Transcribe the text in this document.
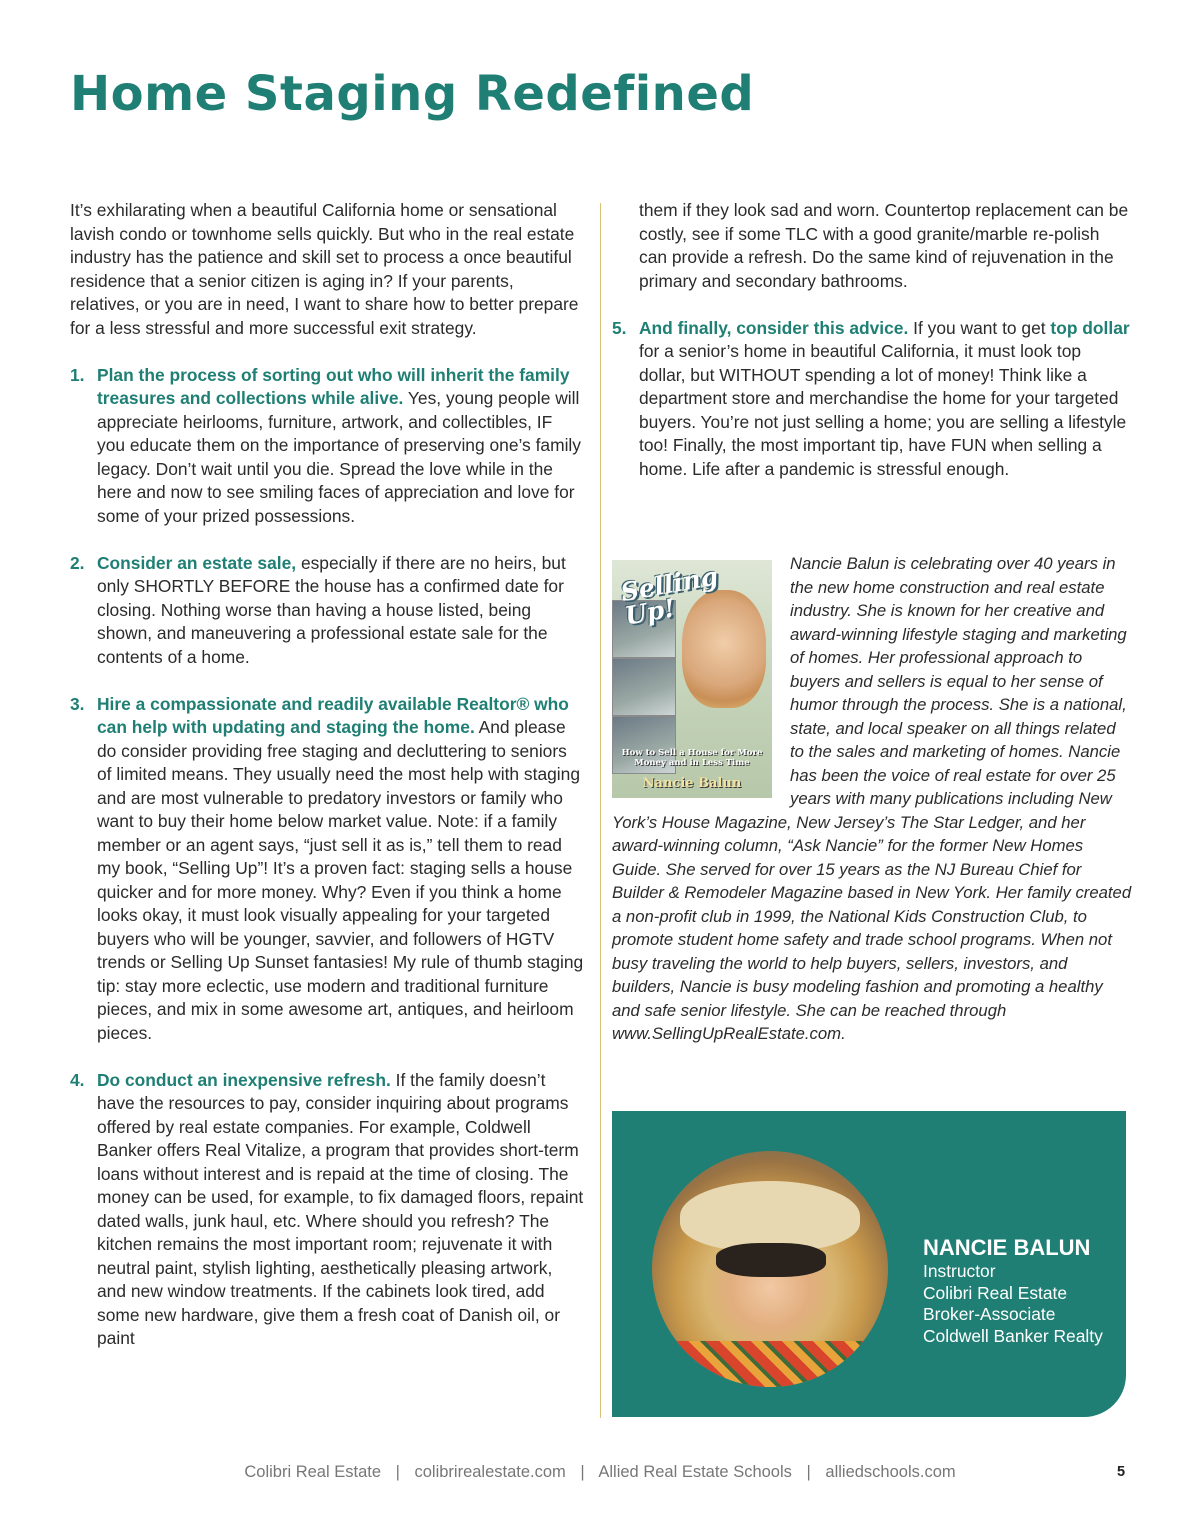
Home Staging Redefined

It’s exhilarating when a beautiful California home or sensational lavish condo or townhome sells quickly. But who in the real estate industry has the patience and skill set to process a once beautiful residence that a senior citizen is aging in? If your parents, relatives, or you are in need, I want to share how to better prepare for a less stressful and more successful exit strategy.

1. Plan the process of sorting out who will inherit the family treasures and collections while alive. Yes, young people will appreciate heirlooms, furniture, artwork, and collectibles, IF you educate them on the importance of preserving one’s family legacy. Don’t wait until you die. Spread the love while in the here and now to see smiling faces of appreciation and love for some of your prized possessions.
2. Consider an estate sale, especially if there are no heirs, but only SHORTLY BEFORE the house has a confirmed date for closing. Nothing worse than having a house listed, being shown, and maneuvering a professional estate sale for the contents of a home.
3. Hire a compassionate and readily available Realtor® who can help with updating and staging the home. And please do consider providing free staging and decluttering to seniors of limited means. They usually need the most help with staging and are most vulnerable to predatory investors or family who want to buy their home below market value. Note: if a family member or an agent says, “just sell it as is,” tell them to read my book, “Selling Up”! It’s a proven fact: staging sells a house quicker and for more money. Why? Even if you think a home looks okay, it must look visually appealing for your targeted buyers who will be younger, savvier, and followers of HGTV trends or Selling Up Sunset fantasies! My rule of thumb staging tip: stay more eclectic, use modern and traditional furniture pieces, and mix in some awesome art, antiques, and heirloom pieces.
4. Do conduct an inexpensive refresh. If the family doesn’t have the resources to pay, consider inquiring about programs offered by real estate companies. For example, Coldwell Banker offers Real Vitalize, a program that provides short-term loans without interest and is repaid at the time of closing. The money can be used, for example, to fix damaged floors, repaint dated walls, junk haul, etc. Where should you refresh? The kitchen remains the most important room; rejuvenate it with neutral paint, stylish lighting, aesthetically pleasing artwork, and new window treatments. If the cabinets look tired, add some new hardware, give them a fresh coat of Danish oil, or paint

them if they look sad and worn. Countertop replacement can be costly, see if some TLC with a good granite/marble re-polish can provide a refresh. Do the same kind of rejuvenation in the primary and secondary bathrooms.

5. And finally, consider this advice. If you want to get top dollar for a senior’s home in beautiful California, it must look top dollar, but WITHOUT spending a lot of money! Think like a department store and merchandise the home for your targeted buyers. You’re not just selling a home; you are selling a lifestyle too! Finally, the most important tip, have FUN when selling a home. Life after a pandemic is stressful enough.
Selling Up!
How to Sell a House for More Money and in Less Time
Nancie Balun
Nancie Balun is celebrating over 40 years in the new home construction and real estate industry. She is known for her creative and award-winning lifestyle staging and marketing of homes. Her professional approach to buyers and sellers is equal to her sense of humor through the process. She is a national, state, and local speaker on all things related to the sales and marketing of homes. Nancie has been the voice of real estate for over 25 years with many publications including New York’s House Magazine, New Jersey’s The Star Ledger, and her award-winning column, “Ask Nancie” for the former New Homes Guide. She served for over 15 years as the NJ Bureau Chief for Builder & Remodeler Magazine based in New York. Her family created a non-profit club in 1999, the National Kids Construction Club, to promote student home safety and trade school programs. When not busy traveling the world to help buyers, sellers, investors, and builders, Nancie is busy modeling fashion and promoting a healthy and safe senior lifestyle. She can be reached through www.SellingUpRealEstate.com.
NANCIE BALUN
Instructor
Colibri Real Estate
Broker-Associate
Coldwell Banker Realty
Colibri Real Estate | colibrirealestate.com | Allied Real Estate Schools | alliedschools.com	5
